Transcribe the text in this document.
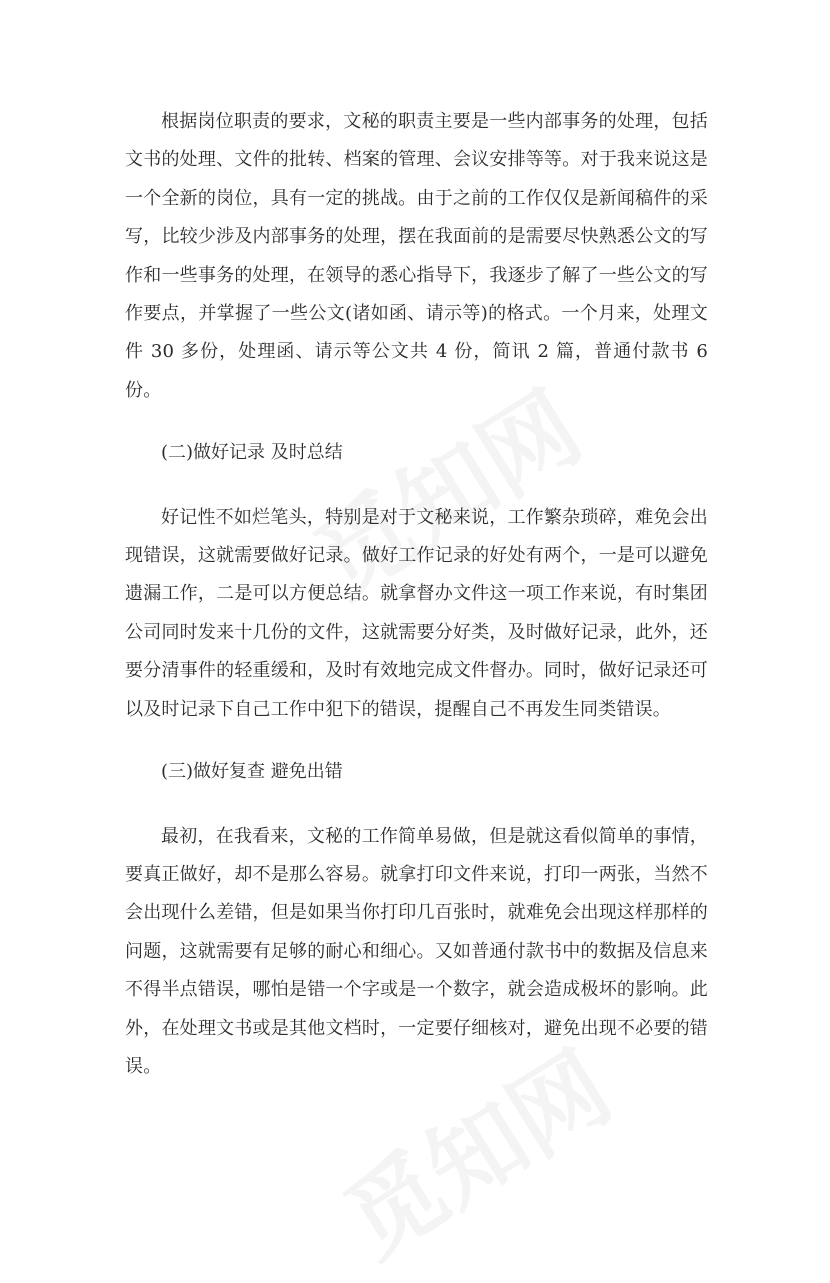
根据岗位职责的要求，文秘的职责主要是一些内部事务的处理，包括文书的处理、文件的批转、档案的管理、会议安排等等。对于我来说这是一个全新的岗位，具有一定的挑战。由于之前的工作仅仅是新闻稿件的采写，比较少涉及内部事务的处理，摆在我面前的是需要尽快熟悉公文的写作和一些事务的处理，在领导的悉心指导下，我逐步了解了一些公文的写作要点，并掌握了一些公文(诸如函、请示等)的格式。一个月来，处理文件 30 多份，处理函、请示等公文共 4 份，简讯 2 篇，普通付款书 6 份。

(二)做好记录 及时总结

好记性不如烂笔头，特别是对于文秘来说，工作繁杂琐碎，难免会出现错误，这就需要做好记录。做好工作记录的好处有两个，一是可以避免遗漏工作，二是可以方便总结。就拿督办文件这一项工作来说，有时集团公司同时发来十几份的文件，这就需要分好类，及时做好记录，此外，还要分清事件的轻重缓和，及时有效地完成文件督办。同时，做好记录还可以及时记录下自己工作中犯下的错误，提醒自己不再发生同类错误。

(三)做好复查 避免出错

最初，在我看来，文秘的工作简单易做，但是就这看似简单的事情，要真正做好，却不是那么容易。就拿打印文件来说，打印一两张，当然不会出现什么差错，但是如果当你打印几百张时，就难免会出现这样那样的问题，这就需要有足够的耐心和细心。又如普通付款书中的数据及信息来不得半点错误，哪怕是错一个字或是一个数字，就会造成极坏的影响。此外，在处理文书或是其他文档时，一定要仔细核对，避免出现不必要的错误。
